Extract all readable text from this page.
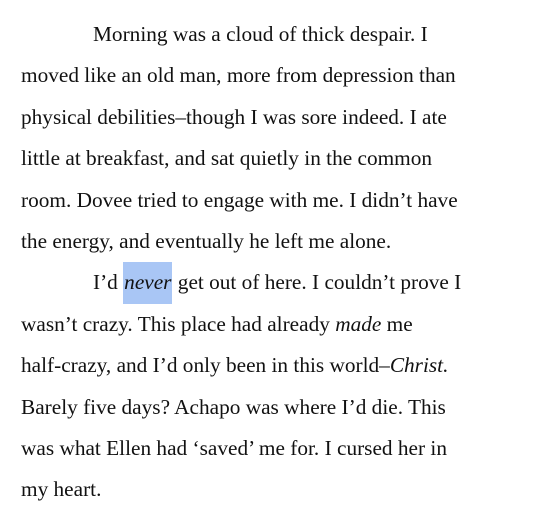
Morning was a cloud of thick despair. I
moved like an old man, more from depression than
physical debilities–though I was sore indeed. I ate
little at breakfast, and sat quietly in the common
room. Dovee tried to engage with me. I didn’t have
the energy, and eventually he left me alone.
I’d never get out of here. I couldn’t prove I
wasn’t crazy. This place had already made me
half-crazy, and I’d only been in this world–Christ.
Barely five days? Achapo was where I’d die. This
was what Ellen had ‘saved’ me for. I cursed her in
my heart.
